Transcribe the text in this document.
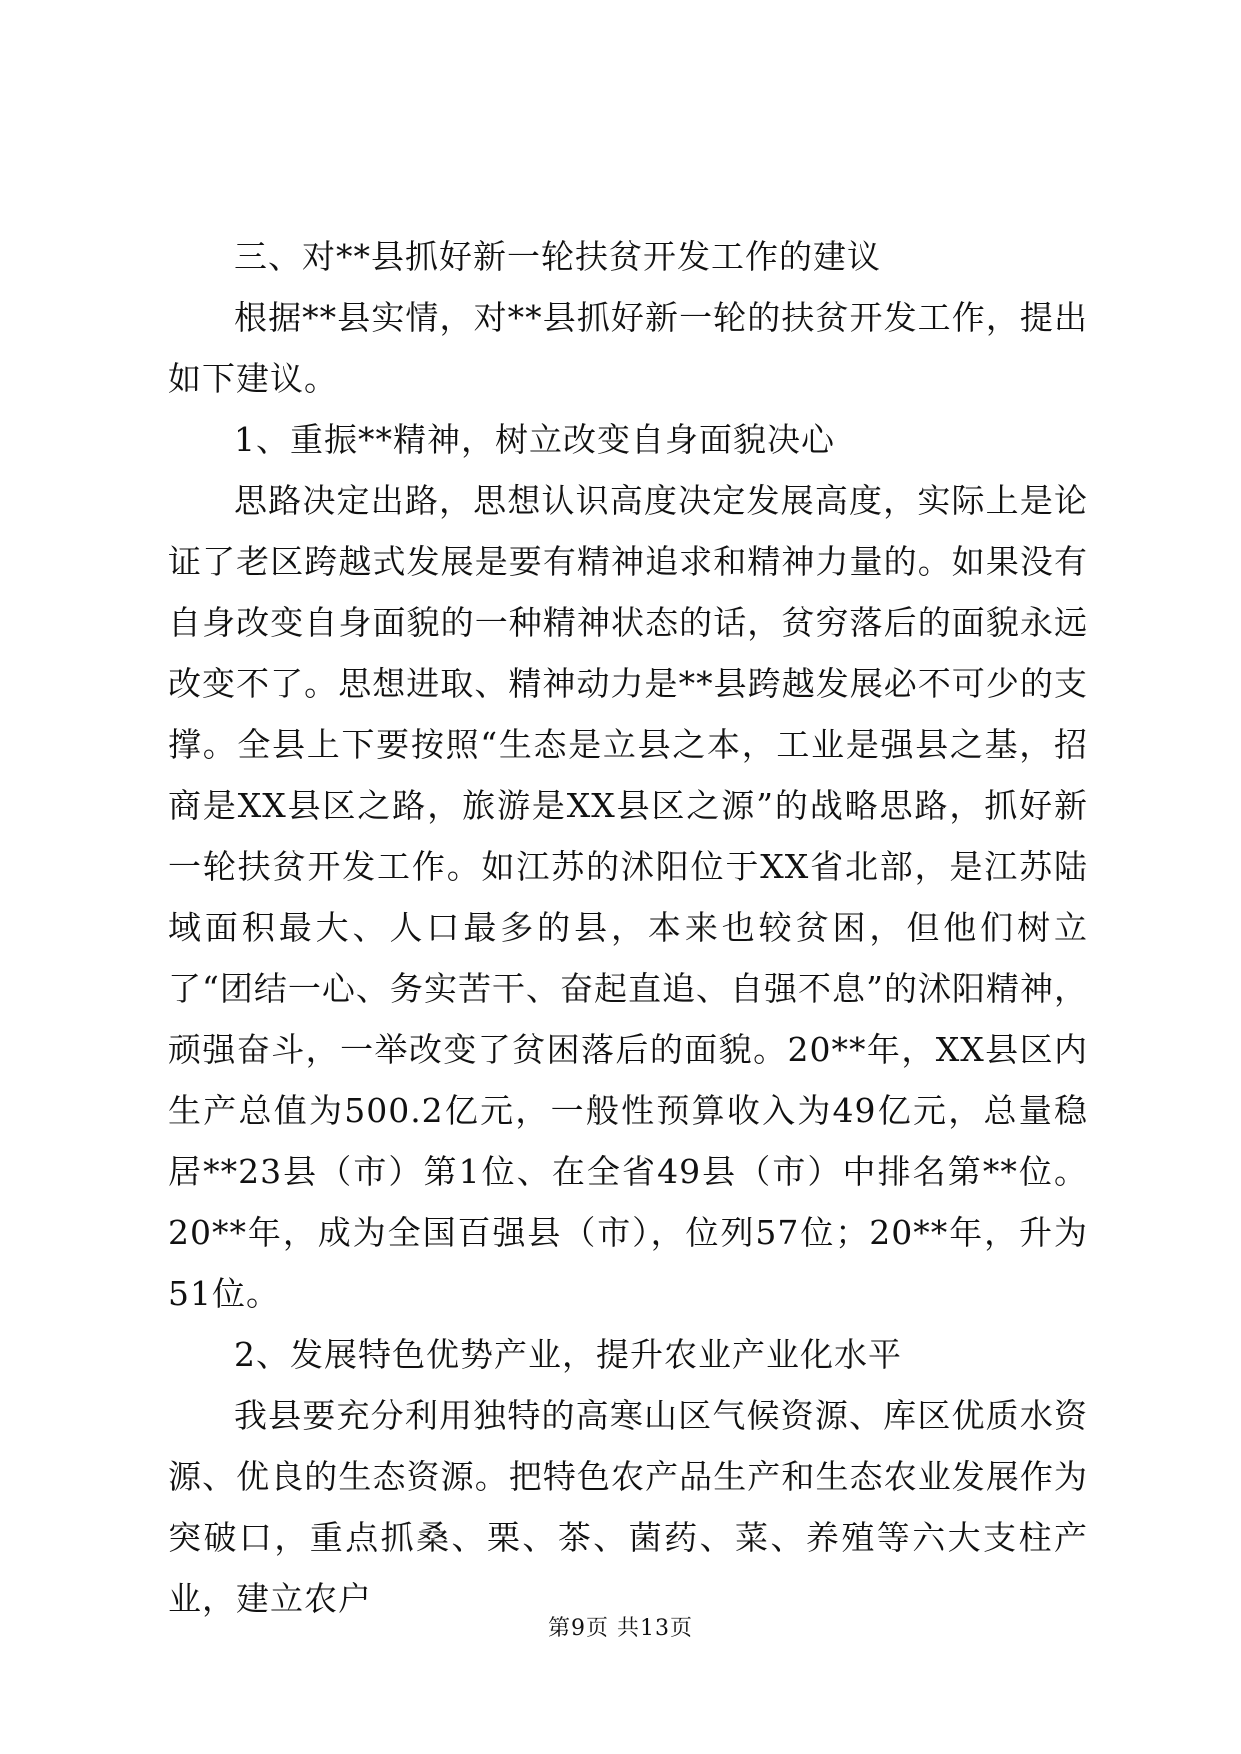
三、对**县抓好新一轮扶贫开发工作的建议

根据**县实情，对**县抓好新一轮的扶贫开发工作，提出如下建议。

1、重振**精神，树立改变自身面貌决心

思路决定出路，思想认识高度决定发展高度，实际上是论证了老区跨越式发展是要有精神追求和精神力量的。如果没有自身改变自身面貌的一种精神状态的话，贫穷落后的面貌永远改变不了。思想进取、精神动力是**县跨越发展必不可少的支撑。全县上下要按照“生态是立县之本，工业是强县之基，招商是XX县区之路，旅游是XX县区之源”的战略思路，抓好新一轮扶贫开发工作。如江苏的沭阳位于XX省北部，是江苏陆域面积最大、人口最多的县，本来也较贫困，但他们树立了“团结一心、务实苦干、奋起直追、自强不息”的沭阳精神，顽强奋斗，一举改变了贫困落后的面貌。20**年，XX县区内生产总值为500.2亿元，一般性预算收入为49亿元，总量稳居**23县（市）第1位、在全省49县（市）中排名第**位。20**年，成为全国百强县（市），位列57位；20**年，升为51位。

2、发展特色优势产业，提升农业产业化水平

我县要充分利用独特的高寒山区气候资源、库区优质水资源、优良的生态资源。把特色农产品生产和生态农业发展作为突破口，重点抓桑、栗、茶、菌药、菜、养殖等六大支柱产业，建立农户

第9页 共13页
